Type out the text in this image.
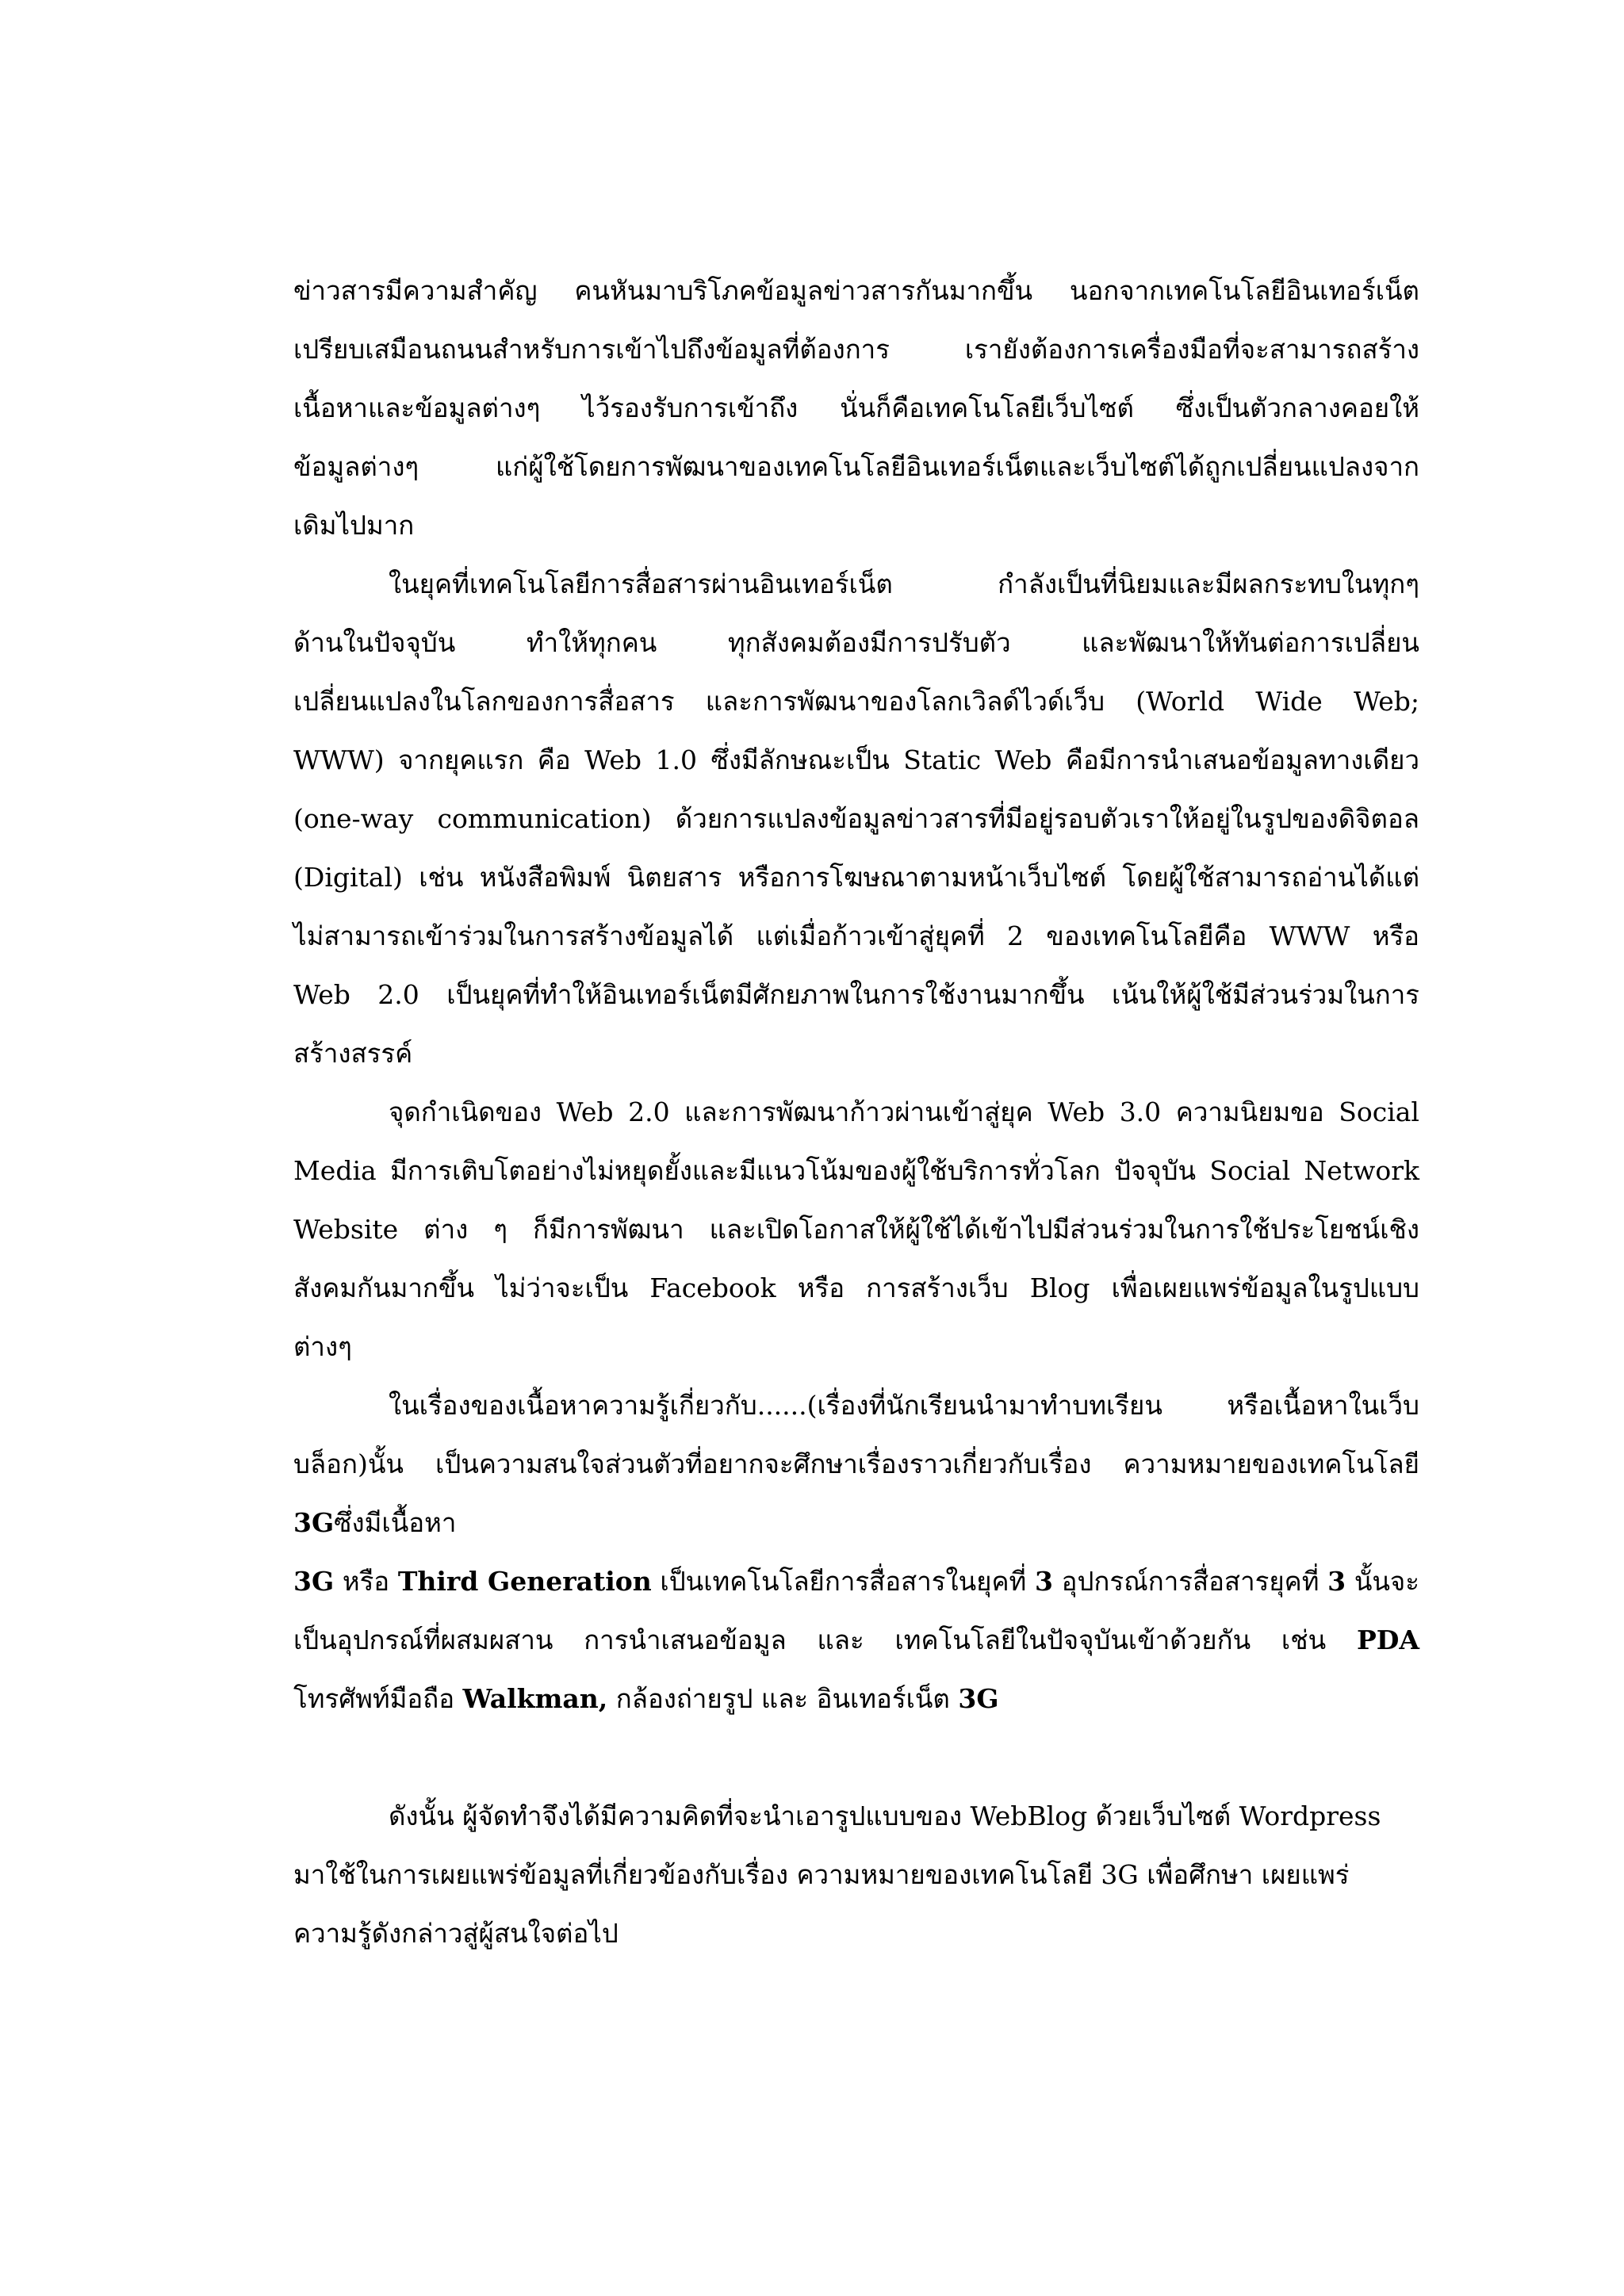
ข่าวสารมีความสำคัญ คนหันมาบริโภคข้อมูลข่าวสารกันมากขึ้น นอกจากเทคโนโลยีอินเทอร์เน็ต
เปรียบเสมือนถนนสำหรับการเข้าไปถึงข้อมูลที่ต้องการ เรายังต้องการเครื่องมือที่จะสามารถสร้าง
เนื้อหาและข้อมูลต่างๆ ไว้รองรับการเข้าถึง นั่นก็คือเทคโนโลยีเว็บไซต์ ซึ่งเป็นตัวกลางคอยให้
ข้อมูลต่างๆ แก่ผู้ใช้โดยการพัฒนาของเทคโนโลยีอินเทอร์เน็ตและเว็บไซต์ได้ถูกเปลี่ยนแปลงจาก
เดิมไปมาก
ในยุคที่เทคโนโลยีการสื่อสารผ่านอินเทอร์เน็ต กำลังเป็นที่นิยมและมีผลกระทบในทุกๆ
ด้านในปัจจุบัน ทำให้ทุกคน ทุกสังคมต้องมีการปรับตัว และพัฒนาให้ทันต่อการเปลี่ยน
เปลี่ยนแปลงในโลกของการสื่อสาร และการพัฒนาของโลกเวิลด์ไวด์เว็บ (World Wide Web;
WWW) จากยุคแรก คือ Web 1.0 ซึ่งมีลักษณะเป็น Static Web คือมีการนำเสนอข้อมูลทางเดียว
(one-way communication) ด้วยการแปลงข้อมูลข่าวสารที่มีอยู่รอบตัวเราให้อยู่ในรูปของดิจิตอล
(Digital) เช่น หนังสือพิมพ์ นิตยสาร หรือการโฆษณาตามหน้าเว็บไซต์ โดยผู้ใช้สามารถอ่านได้แต่
ไม่สามารถเข้าร่วมในการสร้างข้อมูลได้ แต่เมื่อก้าวเข้าสู่ยุคที่ 2 ของเทคโนโลยีคือ WWW หรือ
Web 2.0 เป็นยุคที่ทำให้อินเทอร์เน็ตมีศักยภาพในการใช้งานมากขึ้น เน้นให้ผู้ใช้มีส่วนร่วมในการ
สร้างสรรค์
จุดกำเนิดของ Web 2.0 และการพัฒนาก้าวผ่านเข้าสู่ยุค Web 3.0 ความนิยมขอ Social
Media มีการเติบโตอย่างไม่หยุดยั้งและมีแนวโน้มของผู้ใช้บริการทั่วโลก ปัจจุบัน Social Network
Website ต่าง ๆ ก็มีการพัฒนา และเปิดโอกาสให้ผู้ใช้ได้เข้าไปมีส่วนร่วมในการใช้ประโยชน์เชิง
สังคมกันมากขึ้น ไม่ว่าจะเป็น Facebook หรือ การสร้างเว็บ Blog เพื่อเผยแพร่ข้อมูลในรูปแบบ
ต่างๆ
ในเรื่องของเนื้อหาความรู้เกี่ยวกับ......(เรื่องที่นักเรียนนำมาทำบทเรียน หรือเนื้อหาในเว็บ
บล็อก)นั้น เป็นความสนใจส่วนตัวที่อยากจะศึกษาเรื่องราวเกี่ยวกับเรื่อง ความหมายของเทคโนโลยี
3Gซึ่งมีเนื้อหา
3G หรือ Third Generation เป็นเทคโนโลยีการสื่อสารในยุคที่ 3 อุปกรณ์การสื่อสารยุคที่ 3 นั้นจะ
เป็นอุปกรณ์ที่ผสมผสาน การนำเสนอข้อมูล และ เทคโนโลยีในปัจจุบันเข้าด้วยกัน เช่น PDA
โทรศัพท์มือถือ Walkman, กล้องถ่ายรูป และ อินเทอร์เน็ต 3G
ดังนั้น ผู้จัดทำจึงได้มีความคิดที่จะนำเอารูปแบบของ WebBlog ด้วยเว็บไซต์ Wordpress
มาใช้ในการเผยแพร่ข้อมูลที่เกี่ยวข้องกับเรื่อง ความหมายของเทคโนโลยี 3G เพื่อศึกษา เผยแพร่
ความรู้ดังกล่าวสู่ผู้สนใจต่อไป
